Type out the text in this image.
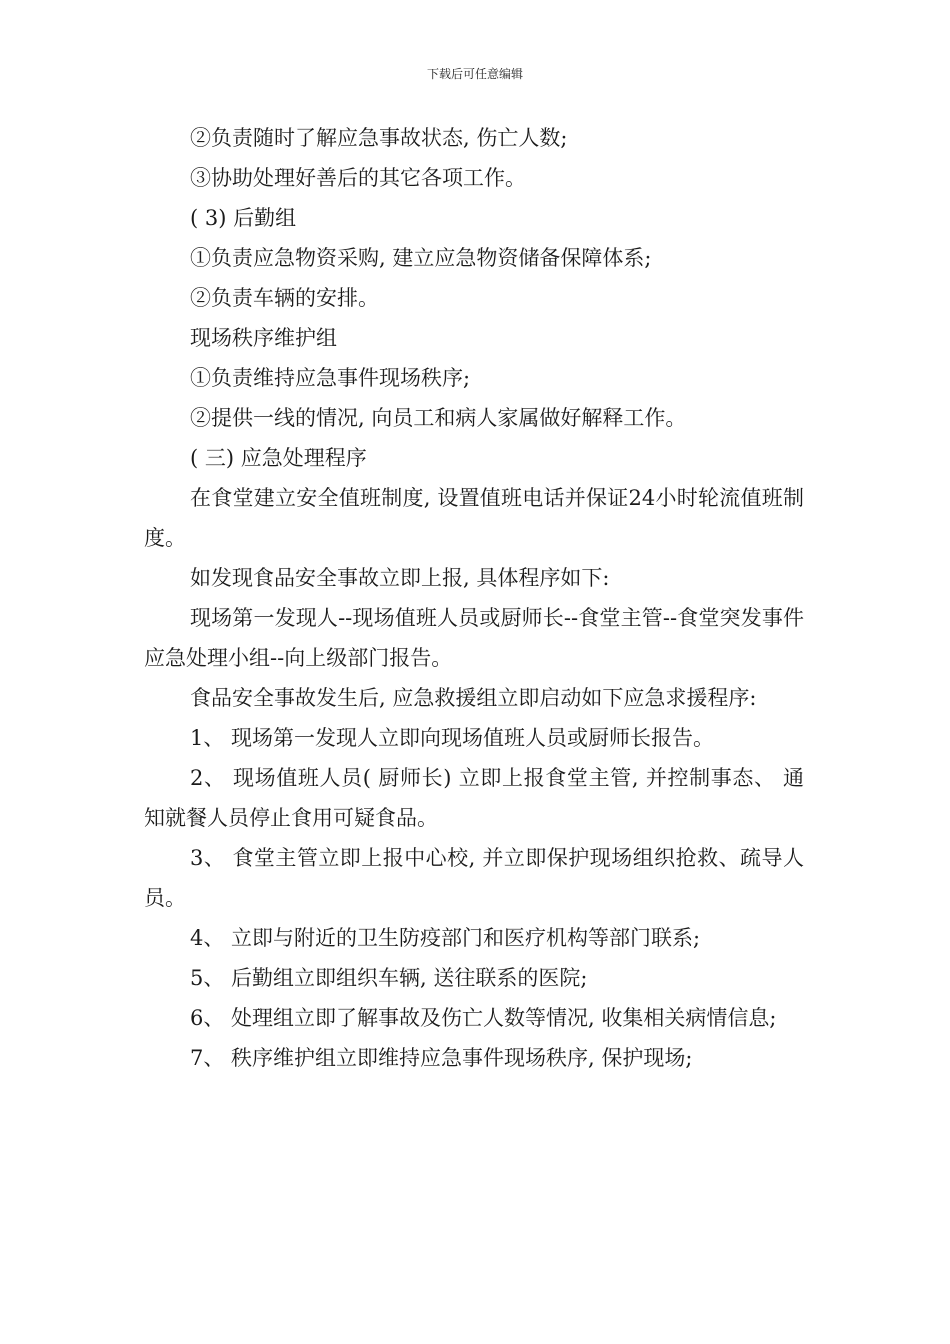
下载后可任意编辑

②负责随时了解应急事故状态, 伤亡人数;

③协助处理好善后的其它各项工作。

( 3) 后勤组

①负责应急物资采购, 建立应急物资储备保障体系;

②负责车辆的安排。

现场秩序维护组

①负责维持应急事件现场秩序;

②提供一线的情况, 向员工和病人家属做好解释工作。

( 三) 应急处理程序

在食堂建立安全值班制度, 设置值班电话并保证24小时轮流值班制度。

如发现食品安全事故立即上报, 具体程序如下:

现场第一发现人--现场值班人员或厨师长--食堂主管--食堂突发事件应急处理小组--向上级部门报告。

食品安全事故发生后, 应急救援组立即启动如下应急求援程序:

1、 现场第一发现人立即向现场值班人员或厨师长报告。

2、 现场值班人员( 厨师长) 立即上报食堂主管, 并控制事态、 通知就餐人员停止食用可疑食品。

3、 食堂主管立即上报中心校, 并立即保护现场组织抢救、疏导人员。

4、 立即与附近的卫生防疫部门和医疗机构等部门联系;

5、 后勤组立即组织车辆, 送往联系的医院;

6、 处理组立即了解事故及伤亡人数等情况, 收集相关病情信息;

7、 秩序维护组立即维持应急事件现场秩序, 保护现场;
